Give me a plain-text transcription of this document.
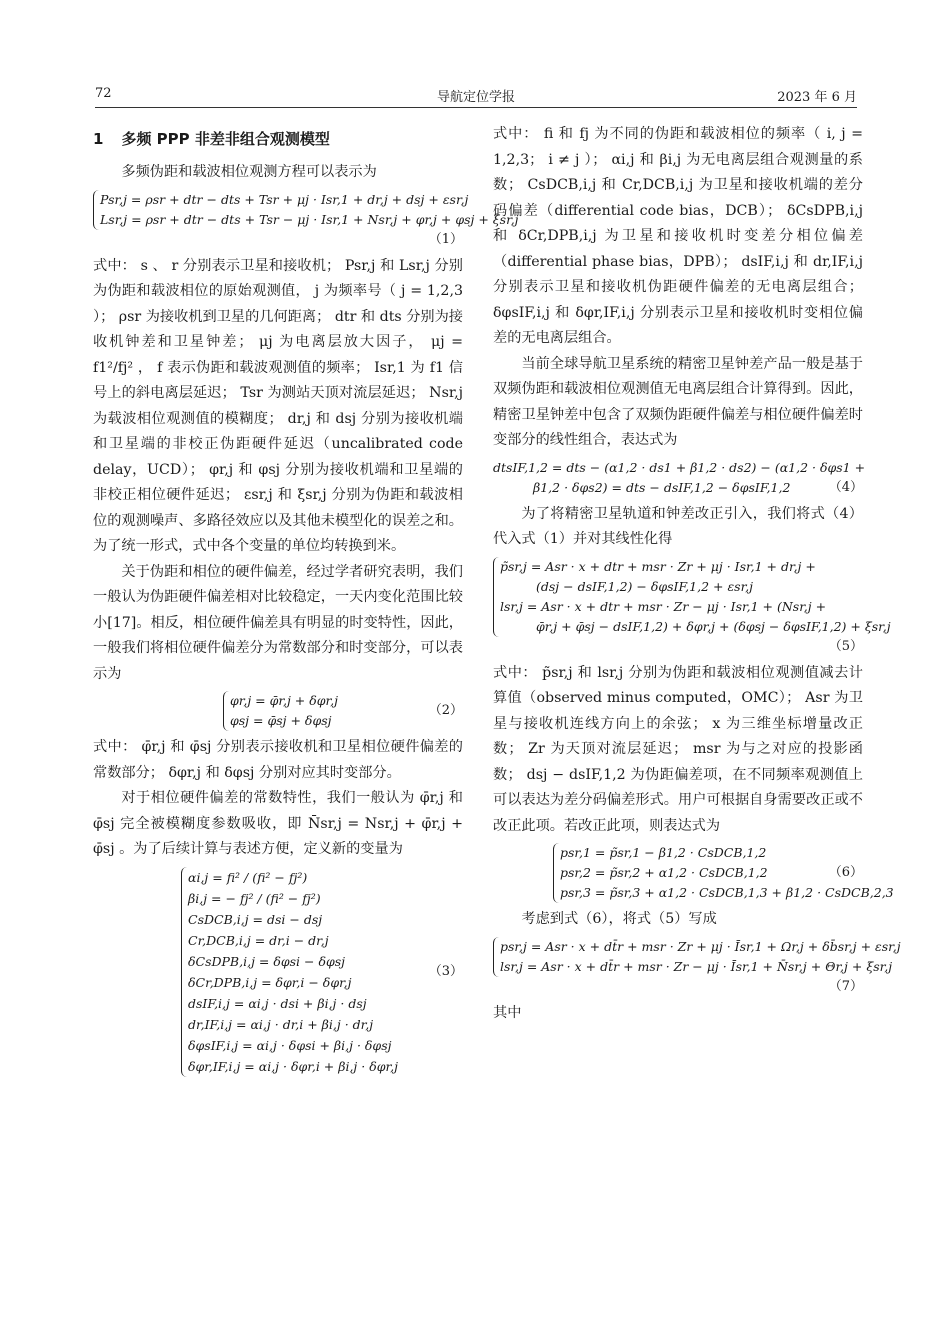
72	导航定位学报	2023 年 6 月
1 多频 PPP 非差非组合观测模型

多频伪距和载波相位观测方程可以表示为

Psr,j = ρsr + dtr − dts + Tsr + μj · Isr,1 + dr,j + dsj + εsr,j
Lsr,j = ρsr + dtr − dts + Tsr − μj · Isr,1 + Nsr,j + φr,j + φsj + ξsr,j
（1）

式中： s 、 r 分别表示卫星和接收机； Psr,j 和 Lsr,j 分别为伪距和载波相位的原始观测值， j 为频率号（ j = 1,2,3 ）； ρsr 为接收机到卫星的几何距离； dtr 和 dts 分别为接收机钟差和卫星钟差； μj 为电离层放大因子， μj = f1²/fj² ， f 表示伪距和载波观测值的频率； Isr,1 为 f1 信号上的斜电离层延迟； Tsr 为测站天顶对流层延迟； Nsr,j 为载波相位观测值的模糊度； dr,j 和 dsj 分别为接收机端和卫星端的非校正伪距硬件延迟（uncalibrated code delay，UCD）； φr,j 和 φsj 分别为接收机端和卫星端的非校正相位硬件延迟； εsr,j 和 ξsr,j 分别为伪距和载波相位的观测噪声、多路径效应以及其他未模型化的误差之和。为了统一形式，式中各个变量的单位均转换到米。

关于伪距和相位的硬件偏差，经过学者研究表明，我们一般认为伪距硬件偏差相对比较稳定，一天内变化范围比较小[17]。相反，相位硬件偏差具有明显的时变特性，因此，一般我们将相位硬件偏差分为常数部分和时变部分，可以表示为

φr,j = φ̄r,j + δφr,j
φsj = φ̄sj + δφsj
（2）

式中： φ̄r,j 和 φ̄sj 分别表示接收机和卫星相位硬件偏差的常数部分； δφr,j 和 δφsj 分别对应其时变部分。

对于相位硬件偏差的常数特性，我们一般认为 φ̄r,j 和 φ̄sj 完全被模糊度参数吸收，即 N̄sr,j = Nsr,j + φ̄r,j + φ̄sj 。为了后续计算与表述方便，定义新的变量为

αi,j = fi² / (fi² − fj²)
βi,j = − fj² / (fi² − fj²)
CsDCB,i,j = dsi − dsj
Cr,DCB,i,j = dr,i − dr,j
δCsDPB,i,j = δφsi − δφsj
δCr,DPB,i,j = δφr,i − δφr,j
dsIF,i,j = αi,j · dsi + βi,j · dsj
dr,IF,i,j = αi,j · dr,i + βi,j · dr,j
δφsIF,i,j = αi,j · δφsi + βi,j · δφsj
δφr,IF,i,j = αi,j · δφr,i + βi,j · δφr,j
（3）

式中： fi 和 fj 为不同的伪距和载波相位的频率（ i, j = 1,2,3； i ≠ j ）； αi,j 和 βi,j 为无电离层组合观测量的系数； CsDCB,i,j 和 Cr,DCB,i,j 为卫星和接收机端的差分码偏差（differential code bias，DCB）； δCsDPB,i,j 和 δCr,DPB,i,j 为卫星和接收机时变差分相位偏差（differential phase bias，DPB）； dsIF,i,j 和 dr,IF,i,j 分别表示卫星和接收机伪距硬件偏差的无电离层组合； δφsIF,i,j 和 δφr,IF,i,j 分别表示卫星和接收机时变相位偏差的无电离层组合。

当前全球导航卫星系统的精密卫星钟差产品一般是基于双频伪距和载波相位观测值无电离层组合计算得到。因此，精密卫星钟差中包含了双频伪距硬件偏差与相位硬件偏差时变部分的线性组合，表达式为

dtsIF,1,2 = dts − (α1,2 · ds1 + β1,2 · ds2) − (α1,2 · δφs1 +
β1,2 · δφs2) = dts − dsIF,1,2 − δφsIF,1,2	（4）

为了将精密卫星轨道和钟差改正引入，我们将式（4）代入式（1）并对其线性化得

p̃sr,j = Asr · x + dtr + msr · Zr + μj · Isr,1 + dr,j +
(dsj − dsIF,1,2) − δφsIF,1,2 + εsr,j
lsr,j = Asr · x + dtr + msr · Zr − μj · Isr,1 + (Nsr,j +
φ̄r,j + φ̄sj − dsIF,1,2) + δφr,j + (δφsj − δφsIF,1,2) + ξsr,j
（5）

式中： p̃sr,j 和 lsr,j 分别为伪距和载波相位观测值减去计算值（observed minus computed，OMC）； Asr 为卫星与接收机连线方向上的余弦； x 为三维坐标增量改正数； Zr 为天顶对流层延迟； msr 为与之对应的投影函数； dsj − dsIF,1,2 为伪距偏差项，在不同频率观测值上可以表达为差分码偏差形式。用户可根据自身需要改正或不改正此项。若改正此项，则表达式为

psr,1 = p̃sr,1 − β1,2 · CsDCB,1,2
psr,2 = p̃sr,2 + α1,2 · CsDCB,1,2
psr,3 = p̃sr,3 + α1,2 · CsDCB,1,3 + β1,2 · CsDCB,2,3
（6）

考虑到式（6），将式（5）写成

psr,j = Asr · x + dt̄r + msr · Zr + μj · Īsr,1 + Ωr,j + δb̄sr,j + εsr,j
lsr,j = Asr · x + dt̄r + msr · Zr − μj · Īsr,1 + N̄sr,j + Θr,j + ξsr,j
（7）

其中
